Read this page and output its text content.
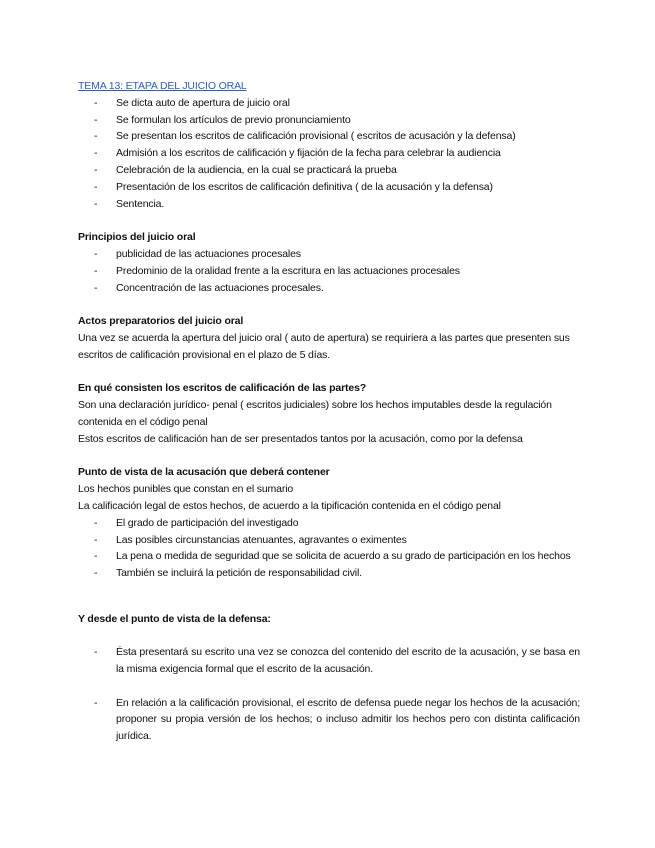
TEMA 13: ETAPA DEL JUICIO ORAL

- Se dicta auto de apertura de juicio oral
- Se formulan los artículos de previo pronunciamiento
- Se presentan los escritos de calificación provisional ( escritos de acusación y la defensa)
- Admisión a los escritos de calificación y fijación de la fecha para celebrar la audiencia
- Celebración de la audiencia, en la cual se practicará la prueba
- Presentación de los escritos de calificación definitiva ( de la acusación y la defensa)
- Sentencia.
Principios del juicio oral
- publicidad de las actuaciones procesales
- Predominio de la oralidad frente a la escritura en las actuaciones procesales
- Concentración de las actuaciones procesales.
Actos preparatorios del juicio oral

Una vez se acuerda la apertura del juicio oral ( auto de apertura) se requiriera a las partes que presenten sus escritos de calificación provisional en el plazo de 5 días.

En qué consisten los escritos de calificación de las partes?

Son una declaración jurídico- penal ( escritos judiciales) sobre los hechos imputables desde la regulación contenida en el código penal

Estos escritos de calificación han de ser presentados tantos por la acusación, como por la defensa

Punto de vista de la acusación que deberá contener

Los hechos punibles que constan en el sumario

La calificación legal de estos hechos, de acuerdo a la tipificación contenida en el código penal

- El grado de participación del investigado
- Las posibles circunstancias atenuantes, agravantes o eximentes
- La pena o medida de seguridad que se solicita de acuerdo a su grado de participación en los hechos
- También se incluirá la petición de responsabilidad civil.
Y desde el punto de vista de la defensa:
- Ésta presentará su escrito una vez se conozca del contenido del escrito de la acusación, y se basa en la misma exigencia formal que el escrito de la acusación.
- En relación a la calificación provisional, el escrito de defensa puede negar los hechos de la acusación; proponer su propia versión de los hechos; o incluso admitir los hechos pero con distinta calificación jurídica.
